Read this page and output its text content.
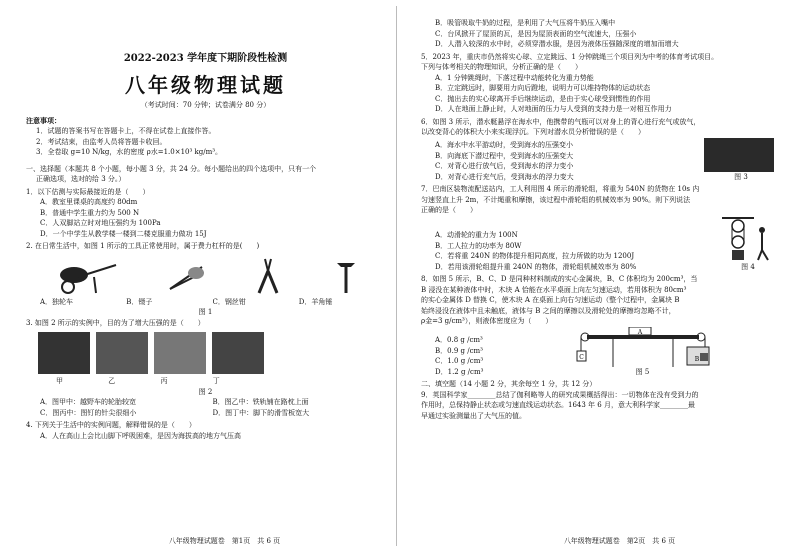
2022-2023 学年度下期阶段性检测
八年级物理试题
（考试时间：70 分钟；试卷满分 80 分）
注意事项：
1．试题的答案书写在答题卡上，不得在试卷上直接作答。
2．考试结束，由监考人员将答题卡收回。
3．全卷取 g=10 N/kg，水的密度 ρ水=1.0×10³ kg/m³。
一、选择题（本题共 8 个小题，每小题 3 分，共 24 分。每小题给出的四个选项中，只有一个
正确选项，选对的给 3 分。）
1．以下估测与实际最接近的是（　　）
A．教室里课桌的高度约 80dm
B．普通中学生重力约为 500 N
C．人双脚站立时对地压强约为 100Pa
D．一个中学生从教学楼一楼到二楼克服重力做功 15J
2. 在日常生活中，如图 1 所示的工具正常使用时，属于费力杠杆的是(　　)
A．独轮车	B．镊子	C．钢丝钳	D．羊角锤
图 1
3. 如图 2 所示的实例中，目的为了增大压强的是（　　）
甲	乙	丙	丁
图 2
A．图甲中：越野车的轮胎较宽	B．图乙中：铁轨铺在路枕上面
C．图丙中：图钉的针尖很细小	D．图丁中：脚下的滑雪板宽大
4. 下列关于生活中的实例问题，解释错误的是（　　）
A．人在高山上会比山脚下呼吸困难，是因为海拔高的地方气压高
八年级物理试题卷　第1页　共 6 页
B．吸管吸取牛奶的过程，是利用了大气压将牛奶压入嘴中
C．台风掀开了屋顶的瓦，是因为屋顶表面的空气流速大，压强小
D．人潜入较深的水中时，必须穿潜水服，是因为液体压强随深度的增加而增大
5．2023 年，重庆市仍然将实心球、立定跳远、1 分钟跳绳三个项目列为中考的体育考试项目。
下列与体考相关的物理知识，分析正确的是（　　）
A．1 分钟跳绳时，下落过程中动能转化为重力势能
B．立定跳远时，脚要用力向后蹬地，说明力可以维持物体的运动状态
C．抛出去的实心球离开手后继续运动，是由于实心球受到惯性的作用
D．人在地面上静止时，人对地面的压力与人受到的支持力是一对相互作用力
6．如图 3 所示，潜水艇悬浮在海水中，他携带的气瓶可以对身上的背心进行充气或放气，
以改变背心的体积大小来实现浮沉。下列对潜水员分析错误的是（　　）
A．海水中水平游动时，受到海水的压强变小
B．向海底下潜过程中，受到海水的压强变大
C．对背心进行放气后，受到海水的浮力变小
D．对背心进行充气后，受到海水的浮力变大	图 3
7．巴南区装物流配送站内，工人利用图 4 所示的滑轮组，将重为 540N 的货物在 10s 内
匀速竖直上升 2m，不计绳重和摩擦，该过程中滑轮组的机械效率为 90%。则下列说法
正确的是（　　）
A．动滑轮的重力为 100N
B．工人拉力的功率为 80W
C．若将重 240N 的物体提升相同高度，拉力所做的功为 1200J
D．若用该滑轮组提升重 240N 的物体，滑轮组机械效率为 80%	图 4
8．如图 5 所示，B、C、D 是同种材料制成的实心金属块，B、C 体积均为 200cm³，当
B 浸没在某种液体中时，木块 A 恰能在水平桌面上向左匀速运动，若用体积为 80cm³
的实心金属体 D 替换 C，使木块 A 在桌面上向右匀速运动（整个过程中，金属块 B
始终浸没在液体中且未触底，液体与 B 之间的摩擦以及滑轮处的摩擦均忽略不计，
ρ金=3 g/cm³），则液体密度应为（　　）
A．0.8 g /cm³
B．0.9 g /cm³
C．1.0 g /cm³
D．1.2 g /cm³
A
C	B
图 5
二、填空题（14 小题 2 分，其余每空 1 分，共 12 分）
9．英国科学家________总结了伽利略等人的研究成果概括得出：一切物体在没有受到力的
作用时，总保持静止状态或匀速直线运动状态。1643 年 6 月，意大利科学家________最
早通过实验测量出了大气压的值。
八年级物理试题卷　第2页　共 6 页
